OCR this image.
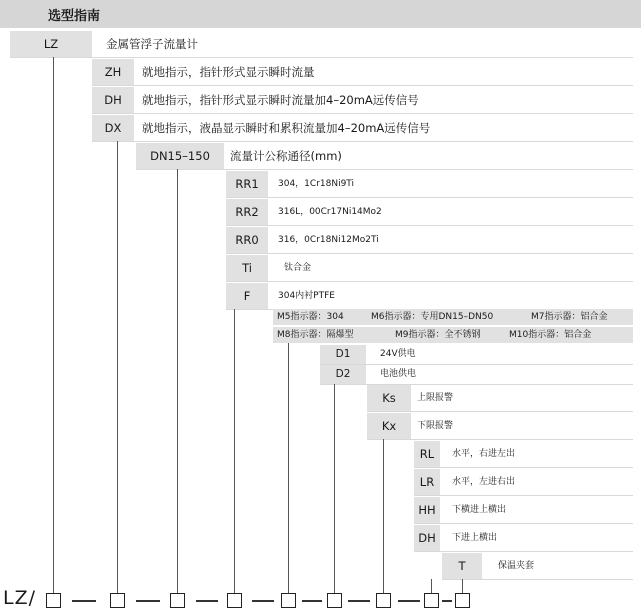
选型指南
LZ	金属管浮子流量计
ZH	就地指示，指针形式显示瞬时流量
DH	就地指示，指针形式显示瞬时流量加4–20mA远传信号
DX	就地指示，液晶显示瞬时和累积流量加4–20mA远传信号
DN15–150	流量计公称通径(mm)
RR1	304，1Cr18Ni9Ti
RR2	316L，00Cr17Ni14Mo2
RR0	316，0Cr18Ni12Mo2Ti
Ti	钛合金
F	304内衬PTFE
M5指示器：304	M6指示器：专用DN15–DN50	M7指示器：铝合金
M8指示器：隔爆型	M9指示器：全不锈钢	M10指示器：铝合金
D1	24V供电
D2	电池供电
Ks	上限报警
Kx	下限报警
RL	水平，右进左出
LR	水平，左进右出
HH	下横进上横出
DH	下进上横出
T	保温夹套
LZ/
